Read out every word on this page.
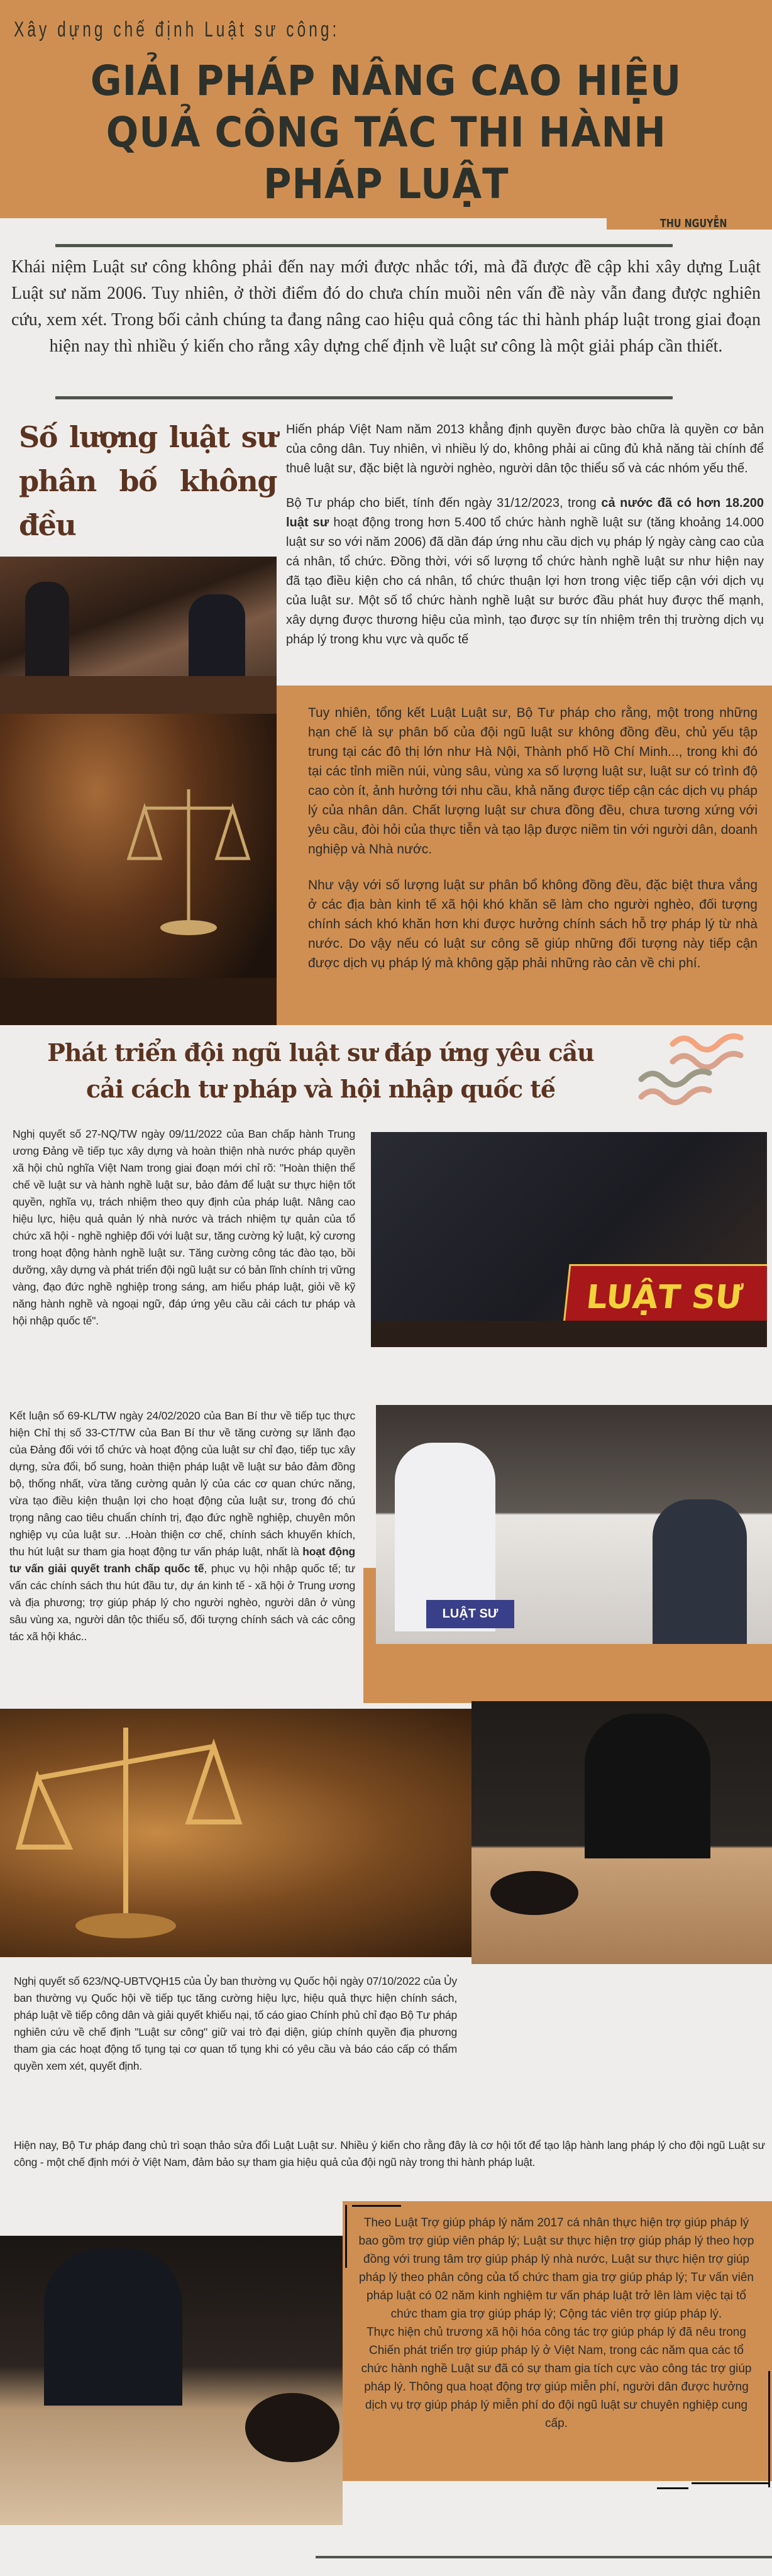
Xây dựng chế định Luật sư công:
GIẢI PHÁP NÂNG CAO HIỆU
QUẢ CÔNG TÁC THI HÀNH
PHÁP LUẬT
THU NGUYỄN

Khái niệm Luật sư công không phải đến nay mới được nhắc tới, mà đã được đề cập khi xây dựng Luật Luật sư năm 2006. Tuy nhiên, ở thời điểm đó do chưa chín muồi nên vấn đề này vẫn đang được nghiên cứu, xem xét. Trong bối cảnh chúng ta đang nâng cao hiệu quả công tác thi hành pháp luật trong giai đoạn hiện nay thì nhiều ý kiến cho rằng xây dựng chế định về luật sư công là một giải pháp cần thiết.

Số lượng luật sư phân bố không đều

Hiến pháp Việt Nam năm 2013 khẳng định quyền được bào chữa là quyền cơ bản của công dân. Tuy nhiên, vì nhiều lý do, không phải ai cũng đủ khả năng tài chính để thuê luật sư, đặc biệt là người nghèo, người dân tộc thiểu số và các nhóm yếu thế.

Bộ Tư pháp cho biết, tính đến ngày 31/12/2023, trong cả nước đã có hơn 18.200 luật sư hoạt động trong hơn 5.400 tổ chức hành nghề luật sư (tăng khoảng 14.000 luật sư so với năm 2006) đã dần đáp ứng nhu cầu dịch vụ pháp lý ngày càng cao của cá nhân, tổ chức. Đồng thời, với số lượng tổ chức hành nghề luật sư như hiện nay đã tạo điều kiện cho cá nhân, tổ chức thuận lợi hơn trong việc tiếp cận với dịch vụ của luật sư. Một số tổ chức hành nghề luật sư bước đầu phát huy được thế mạnh, xây dựng được thương hiệu của mình, tạo được sự tín nhiệm trên thị trường dịch vụ pháp lý trong khu vực và quốc tế

Tuy nhiên, tổng kết Luật Luật sư, Bộ Tư pháp cho rằng, một trong những hạn chế là sự phân bố của đội ngũ luật sư không đồng đều, chủ yếu tập trung tại các đô thị lớn như Hà Nội, Thành phố Hồ Chí Minh..., trong khi đó tại các tỉnh miền núi, vùng sâu, vùng xa số lượng luật sư, luật sư có trình độ cao còn ít, ảnh hưởng tới nhu cầu, khả năng được tiếp cận các dịch vụ pháp lý của nhân dân. Chất lượng luật sư chưa đồng đều, chưa tương xứng với yêu cầu, đòi hỏi của thực tiễn và tạo lập được niềm tin với người dân, doanh nghiệp và Nhà nước.

Như vậy với số lượng luật sư phân bổ không đồng đều, đặc biệt thưa vắng ở các địa bàn kinh tế xã hội khó khăn sẽ làm cho người nghèo, đối tượng chính sách khó khăn hơn khi được hưởng chính sách hỗ trợ pháp lý từ nhà nước. Do vậy nếu có luật sư công sẽ giúp những đối tượng này tiếp cận được dịch vụ pháp lý mà không gặp phải những rào cản về chi phí.

Phát triển đội ngũ luật sư đáp ứng yêu cầu
cải cách tư pháp và hội nhập quốc tế

Nghị quyết số 27-NQ/TW ngày 09/11/2022 của Ban chấp hành Trung ương Đảng về tiếp tục xây dựng và hoàn thiện nhà nước pháp quyền xã hội chủ nghĩa Việt Nam trong giai đoạn mới chỉ rõ: "Hoàn thiện thể chế về luật sư và hành nghề luật sư, bảo đảm để luật sư thực hiện tốt quyền, nghĩa vụ, trách nhiệm theo quy định của pháp luật. Nâng cao hiệu lực, hiệu quả quản lý nhà nước và trách nhiệm tự quản của tổ chức xã hội - nghề nghiệp đối với luật sư, tăng cường kỷ luật, kỷ cương trong hoạt động hành nghề luật sư. Tăng cường công tác đào tạo, bồi dưỡng, xây dựng và phát triển đội ngũ luật sư có bản lĩnh chính trị vững vàng, đạo đức nghề nghiệp trong sáng, am hiểu pháp luật, giỏi về kỹ năng hành nghề và ngoại ngữ, đáp ứng yêu cầu cải cách tư pháp và hội nhập quốc tế".

LUẬT SƯ

Kết luận số 69-KL/TW ngày 24/02/2020 của Ban Bí thư về tiếp tục thực hiện Chỉ thị số 33-CT/TW của Ban Bí thư về tăng cường sự lãnh đạo của Đảng đối với tổ chức và hoạt động của luật sư chỉ đạo, tiếp tục xây dựng, sửa đổi, bổ sung, hoàn thiện pháp luật về luật sư bảo đảm đồng bộ, thống nhất, vừa tăng cường quản lý của các cơ quan chức năng, vừa tạo điều kiện thuận lợi cho hoạt động của luật sư, trong đó chú trọng nâng cao tiêu chuẩn chính trị, đạo đức nghề nghiệp, chuyên môn nghiệp vụ của luật sư. ..Hoàn thiện cơ chế, chính sách khuyến khích, thu hút luật sư tham gia hoạt động tư vấn pháp luật, nhất là hoạt động tư vấn giải quyết tranh chấp quốc tế, phục vụ hội nhập quốc tế; tư vấn các chính sách thu hút đầu tư, dự án kinh tế - xã hội ở Trung ương và địa phương; trợ giúp pháp lý cho người nghèo, người dân ở vùng sâu vùng xa, người dân tộc thiểu số, đối tượng chính sách và các công tác xã hội khác..

LUẬT SƯ

Nghị quyết số 623/NQ-UBTVQH15 của Ủy ban thường vụ Quốc hội ngày 07/10/2022 của Ủy ban thường vụ Quốc hội về tiếp tục tăng cường hiệu lực, hiệu quả thực hiện chính sách, pháp luật về tiếp công dân và giải quyết khiếu nại, tố cáo giao Chính phủ chỉ đạo Bộ Tư pháp nghiên cứu về chế định "Luật sư công" giữ vai trò đại diện, giúp chính quyền địa phương tham gia các hoạt động tố tụng tại cơ quan tố tụng khi có yêu cầu và báo cáo cấp có thẩm quyền xem xét, quyết định.

Hiện nay, Bộ Tư pháp đang chủ trì soạn thảo sửa đổi Luật Luật sư. Nhiều ý kiến cho rằng đây là cơ hội tốt để tạo lập hành lang pháp lý cho đội ngũ Luật sư công - một chế định mới ở Việt Nam, đảm bảo sự tham gia hiệu quả của đội ngũ này trong thi hành pháp luật.

Theo Luật Trợ giúp pháp lý năm 2017 cá nhân thực hiện trợ giúp pháp lý bao gồm trợ giúp viên pháp lý; Luật sư thực hiện trợ giúp pháp lý theo hợp đồng với trung tâm trợ giúp pháp lý nhà nước, Luật sư thực hiện trợ giúp pháp lý theo phân công của tổ chức tham gia trợ giúp pháp lý; Tư vấn viên pháp luật có 02 năm kinh nghiệm tư vấn pháp luật trở lên làm việc tại tổ chức tham gia trợ giúp pháp lý; Cộng tác viên trợ giúp pháp lý.
Thực hiện chủ trương xã hội hóa công tác trợ giúp pháp lý đã nêu trong Chiến phát triển trợ giúp pháp lý ở Việt Nam, trong các năm qua các tổ chức hành nghề Luật sư đã có sự tham gia tích cực vào công tác trợ giúp pháp lý. Thông qua hoạt động trợ giúp miễn phí, người dân được hưởng dịch vụ trợ giúp pháp lý miễn phí do đội ngũ luật sư chuyên nghiệp cung cấp.
